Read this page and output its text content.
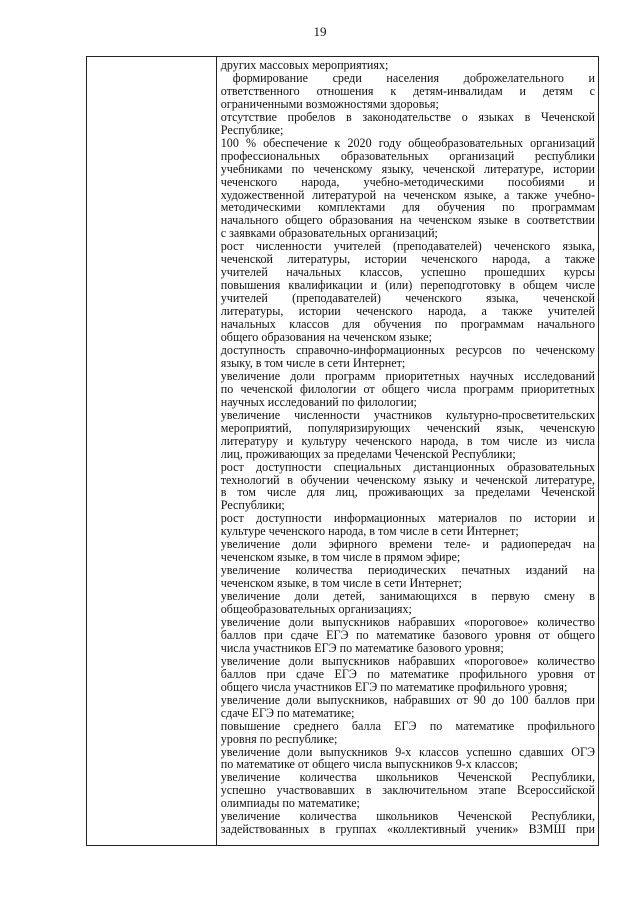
19
других массовых мероприятиях;
формирование среди населения доброжелательного и
ответственного отношения к детям-инвалидам и детям с
ограниченными возможностями здоровья;
отсутствие пробелов в законодательстве о языках в Чеченской
Республике;
100 % обеспечение к 2020 году общеобразовательных организаций
профессиональных образовательных организаций республики
учебниками по чеченскому языку, чеченской литературе, истории
чеченского народа, учебно-методическими пособиями и
художественной литературой на чеченском языке, а также учебно-
методическими комплектами для обучения по программам
начального общего образования на чеченском языке в соответствии
с заявками образовательных организаций;
рост численности учителей (преподавателей) чеченского языка,
чеченской литературы, истории чеченского народа, а также
учителей начальных классов, успешно прошедших курсы
повышения квалификации и (или) переподготовку в общем числе
учителей (преподавателей) чеченского языка, чеченской
литературы, истории чеченского народа, а также учителей
начальных классов для обучения по программам начального
общего образования на чеченском языке;
доступность справочно-информационных ресурсов по чеченскому
языку, в том числе в сети Интернет;
увеличение доли программ приоритетных научных исследований
по чеченской филологии от общего числа программ приоритетных
научных исследований по филологии;
увеличение численности участников культурно-просветительских
мероприятий, популяризирующих чеченский язык, чеченскую
литературу и культуру чеченского народа, в том числе из числа
лиц, проживающих за пределами Чеченской Республики;
рост доступности специальных дистанционных образовательных
технологий в обучении чеченскому языку и чеченской литературе,
в том числе для лиц, проживающих за пределами Чеченской
Республики;
рост доступности информационных материалов по истории и
культуре чеченского народа, в том числе в сети Интернет;
увеличение доли эфирного времени теле- и радиопередач на
чеченском языке, в том числе в прямом эфире;
увеличение количества периодических печатных изданий на
чеченском языке, в том числе в сети Интернет;
увеличение доли детей, занимающихся в первую смену в
общеобразовательных организациях;
увеличение доли выпускников набравших «пороговое» количество
баллов при сдаче ЕГЭ по математике базового уровня от общего
числа участников ЕГЭ по математике базового уровня;
увеличение доли выпускников набравших «пороговое» количество
баллов при сдаче ЕГЭ по математике профильного уровня от
общего числа участников ЕГЭ по математике профильного уровня;
увеличение доли выпускников, набравших от 90 до 100 баллов при
сдаче ЕГЭ по математике;
повышение среднего балла ЕГЭ по математике профильного
уровня по республике;
увеличение доли выпускников 9-х классов успешно сдавших ОГЭ
по математике от общего числа выпускников 9-х классов;
увеличение количества школьников Чеченской Республики,
успешно участвовавших в заключительном этапе Всероссийской
олимпиады по математике;
увеличение количества школьников Чеченской Республики,
задействованных в группах «коллективный ученик» ВЗМШ при
